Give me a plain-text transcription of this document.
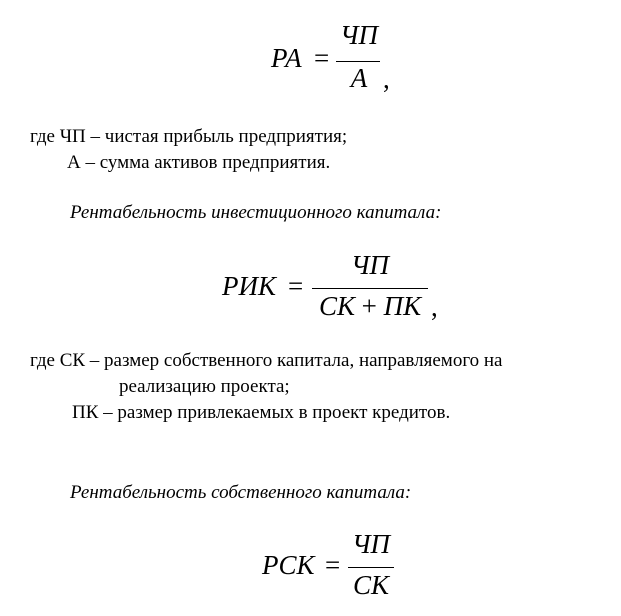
РА =
ЧП
А ,
где ЧП – чистая прибыль предприятия;
А – сумма активов предприятия.
Рентабельность инвестиционного капитала:
РИК =
ЧП
СК + ПК ,
где СК – размер собственного капитала, направляемого на
реализацию проекта;
ПК – размер привлекаемых в проект кредитов.
Рентабельность собственного капитала:
РСК =
ЧП
СК
